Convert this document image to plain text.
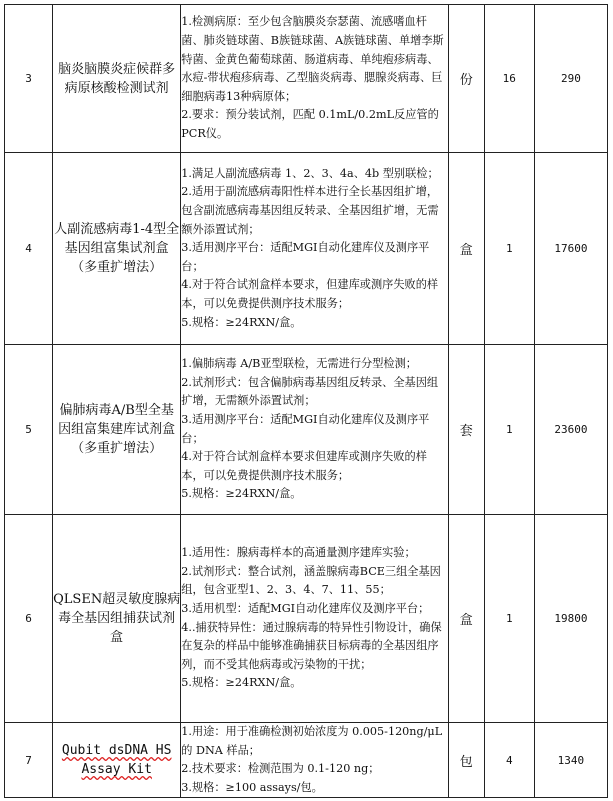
3	脑炎脑膜炎症候群多病原核酸检测试剂	1.检测病原：至少包含脑膜炎奈瑟菌、流感嗜血杆菌、肺炎链球菌、B族链球菌、A族链球菌、单增李斯特菌、金黄色葡萄球菌、肠道病毒、单纯疱疹病毒、水痘-带状疱疹病毒、乙型脑炎病毒、腮腺炎病毒、巨细胞病毒13种病原体；
2.要求：预分装试剂，匹配 0.1mL/0.2mL反应管的 PCR仪。	份	16	290
4	人副流感病毒1-4型全基因组富集试剂盒（多重扩增法）	1.满足人副流感病毒 1、2、3、4a、4b 型别联检；
2.适用于副流感病毒阳性样本进行全长基因组扩增，包含副流感病毒基因组反转录、全基因组扩增，无需额外添置试剂；
3.适用测序平台：适配MGI自动化建库仪及测序平台；
4.对于符合试剂盒样本要求，但建库或测序失败的样本，可以免费提供测序技术服务；
5.规格：≥24RXN/盒。	盒	1	17600
5	偏肺病毒A/B型全基因组富集建库试剂盒（多重扩增法）	1.偏肺病毒 A/B亚型联检，无需进行分型检测；
2.试剂形式：包含偏肺病毒基因组反转录、全基因组扩增，无需额外添置试剂；
3.适用测序平台：适配MGI自动化建库仪及测序平台；
4.对于符合试剂盒样本要求但建库或测序失败的样本，可以免费提供测序技术服务；
5.规格：≥24RXN/盒。	套	1	23600
6	QLSEN超灵敏度腺病毒全基因组捕获试剂盒	1.适用性：腺病毒样本的高通量测序建库实验；
2.试剂形式：整合试剂，涵盖腺病毒BCE三组全基因组，包含亚型1、2、3、4、7、11、55；
3.适用机型：适配MGI自动化建库仪及测序平台；
4..捕获特异性：通过腺病毒的特异性引物设计，确保在复杂的样品中能够准确捕获目标病毒的全基因组序列，而不受其他病毒或污染物的干扰；
5.规格：≥24RXN/盒。	盒	1	19800
7	Qubit dsDNA HS Assay Kit	1.用途：用于准确检测初始浓度为 0.005-120ng/μL 的 DNA 样品；
2.技术要求：检测范围为 0.1-120 ng；
3.规格：≥100 assays/包。	包	4	1340
